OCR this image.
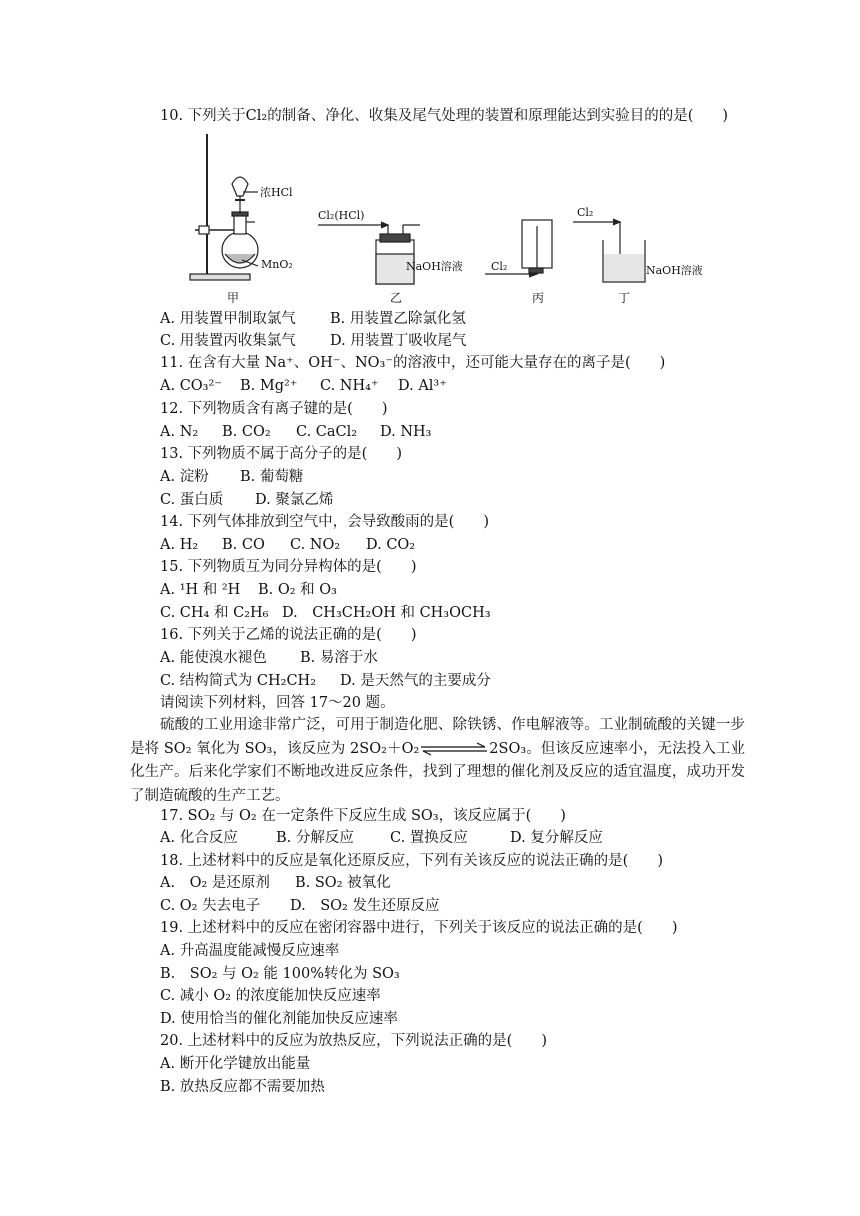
10. 下列关于Cl₂的制备、净化、收集及尾气处理的装置和原理能达到实验目的的是(　　)
浓HCl
MnO₂
甲
Cl₂(HCl)
NaOH溶液
乙
Cl₂
丙
Cl₂
NaOH溶液
丁
A. 用装置甲制取氯气 B. 用装置乙除氯化氢
C. 用装置丙收集氯气 D. 用装置丁吸收尾气
11. 在含有大量 Na⁺、OH⁻、NO₃⁻的溶液中，还可能大量存在的离子是(　　)
A. CO₃²⁻ B. Mg²⁺ C. NH₄⁺ D. Al³⁺
12. 下列物质含有离子键的是(　　)
A. N₂ B. CO₂ C. CaCl₂ D. NH₃
13. 下列物质不属于高分子的是(　　)
A. 淀粉 B. 葡萄糖
C. 蛋白质 D. 聚氯乙烯
14. 下列气体排放到空气中，会导致酸雨的是(　　)
A. H₂ B. CO C. NO₂ D. CO₂
15. 下列物质互为同分异构体的是(　　)
A. ¹H 和 ²H B. O₂ 和 O₃
C. CH₄ 和 C₂H₆ D.　CH₃CH₂OH 和 CH₃OCH₃
16. 下列关于乙烯的说法正确的是(　　)
A. 能使溴水褪色 B. 易溶于水
C. 结构简式为 CH₂CH₂ D. 是天然气的主要成分
请阅读下列材料，回答 17～20 题。
硫酸的工业用途非常广泛，可用于制造化肥、除铁锈、作电解液等。工业制硫酸的关键一步是将 SO₂ 氧化为 SO₃，该反应为 2SO₂＋O₂	2SO₃。但该反应速率小，无法投入工业化生产。后来化学家们不断地改进反应条件，找到了理想的催化剂及反应的适宜温度，成功开发了制造硫酸的生产工艺。
17. SO₂ 与 O₂ 在一定条件下反应生成 SO₃，该反应属于(　　)
A. 化合反应	B. 分解反应 C. 置换反应	D. 复分解反应
18. 上述材料中的反应是氧化还原反应，下列有关该反应的说法正确的是(　　)
A.　O₂ 是还原剂 B. SO₂ 被氧化
C. O₂ 失去电子 D.　SO₂ 发生还原反应
19. 上述材料中的反应在密闭容器中进行，下列关于该反应的说法正确的是(　　)
A. 升高温度能减慢反应速率
B.　SO₂ 与 O₂ 能 100%转化为 SO₃
C. 减小 O₂ 的浓度能加快反应速率
D. 使用恰当的催化剂能加快反应速率
20. 上述材料中的反应为放热反应，下列说法正确的是(　　)
A. 断开化学键放出能量
B. 放热反应都不需要加热
